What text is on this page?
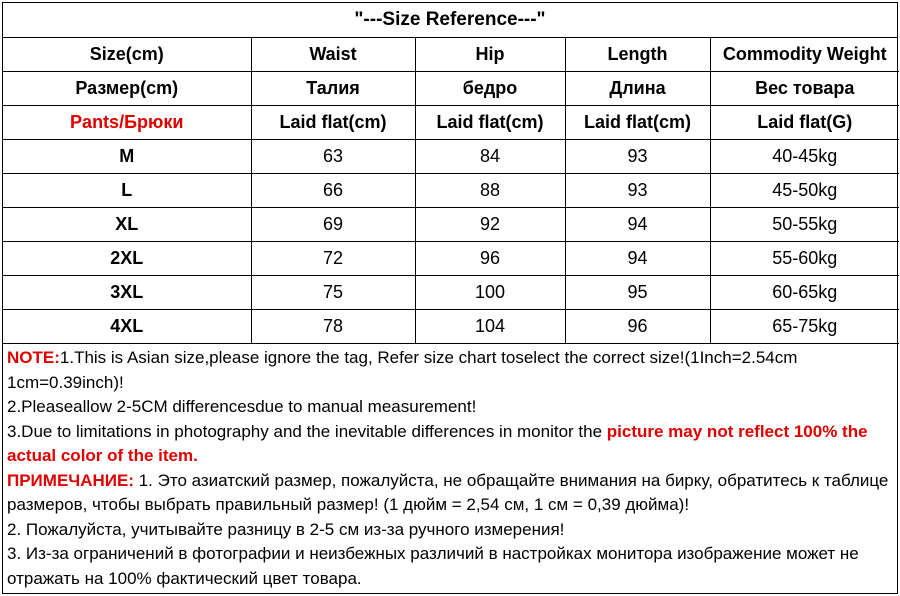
"---Size Reference---"
Size(cm)	Waist	Hip	Length	Commodity Weight
Размер(cm)	Талия	бедро	Длина	Вес товара
Pants/Брюки	Laid flat(cm)	Laid flat(cm)	Laid flat(cm)	Laid flat(G)
M	63	84	93	40-45kg
L	66	88	93	45-50kg
XL	69	92	94	50-55kg
2XL	72	96	94	55-60kg
3XL	75	100	95	60-65kg
4XL	78	104	96	65-75kg

NOTE:1.This is Asian size,please ignore the tag, Refer size chart toselect the correct size!(1Inch=2.54cm 1cm=0.39inch)!

2.Pleaseallow 2-5CM differencesdue to manual measurement!

3.Due to limitations in photography and the inevitable differences in monitor the picture may not reflect 100% the actual color of the item.

ПРИМЕЧАНИЕ: 1. Это азиатский размер, пожалуйста, не обращайте внимания на бирку, обратитесь к таблице размеров, чтобы выбрать правильный размер! (1 дюйм = 2,54 см, 1 см = 0,39 дюйма)!

2. Пожалуйста, учитывайте разницу в 2-5 см из-за ручного измерения!

3. Из-за ограничений в фотографии и неизбежных различий в настройках монитора изображение может не отражать на 100% фактический цвет товара.
